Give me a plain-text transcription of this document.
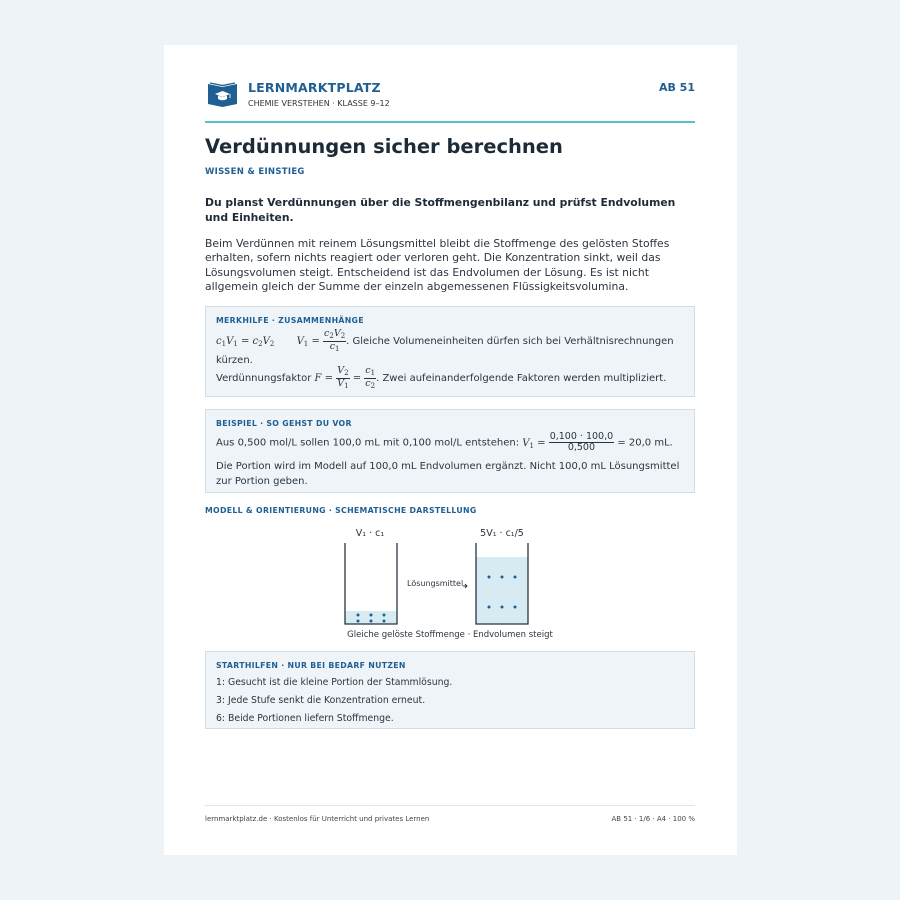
LERNMARKTPLATZ
CHEMIE VERSTEHEN · KLASSE 9–12
AB 51
Verdünnungen sicher berechnen
WISSEN & EINSTIEG
Du planst Verdünnungen über die Stoffmengenbilanz und prüfst Endvolumen und Einheiten.
Beim Verdünnen mit reinem Lösungsmittel bleibt die Stoffmenge des gelösten Stoffes erhalten, sofern nichts reagiert oder verloren geht. Die Konzentration sinkt, weil das Lösungsvolumen steigt. Entscheidend ist das Endvolumen der Lösung. Es ist nicht allgemein gleich der Summe der einzeln abgemessenen Flüssigkeitsvolumina.
MERKHILFE · ZUSAMMENHÄNGE
$c_1V_1 = c_2V_2$ $V_1 = \frac{c_2V_2}{c_1}$ . Gleiche Volumeneinheiten dürfen sich bei Verhältnisrechnungen kürzen.
Verdünnungsfaktor $F = \frac{V_2}{V_1} = \frac{c_1}{c_2}$ . Zwei aufeinanderfolgende Faktoren werden multipliziert.
BEISPIEL · SO GEHST DU VOR
Aus 0,500 mol/L sollen 100,0 mL mit 0,100 mol/L entstehen: $V_1 = \frac{0,100 \cdot 100,0}{0,500} = 20,0$ mL.
Die Portion wird im Modell auf 100,0 mL Endvolumen ergänzt. Nicht 100,0 mL Lösungsmittel zur Portion geben.
MODELL & ORIENTIERUNG · SCHEMATISCHE DARSTELLUNG
V₁ · c₁	5V₁ · c₁/5
Lösungsmittel
Gleiche gelöste Stoffmenge · Endvolumen steigt
STARTHILFEN · NUR BEI BEDARF NUTZEN
1: Gesucht ist die kleine Portion der Stammlösung.
3: Jede Stufe senkt die Konzentration erneut.
6: Beide Portionen liefern Stoffmenge.
lernmarktplatz.de · Kostenlos für Unterricht und privates Lernen	AB 51 · 1/6 · A4 · 100 %
